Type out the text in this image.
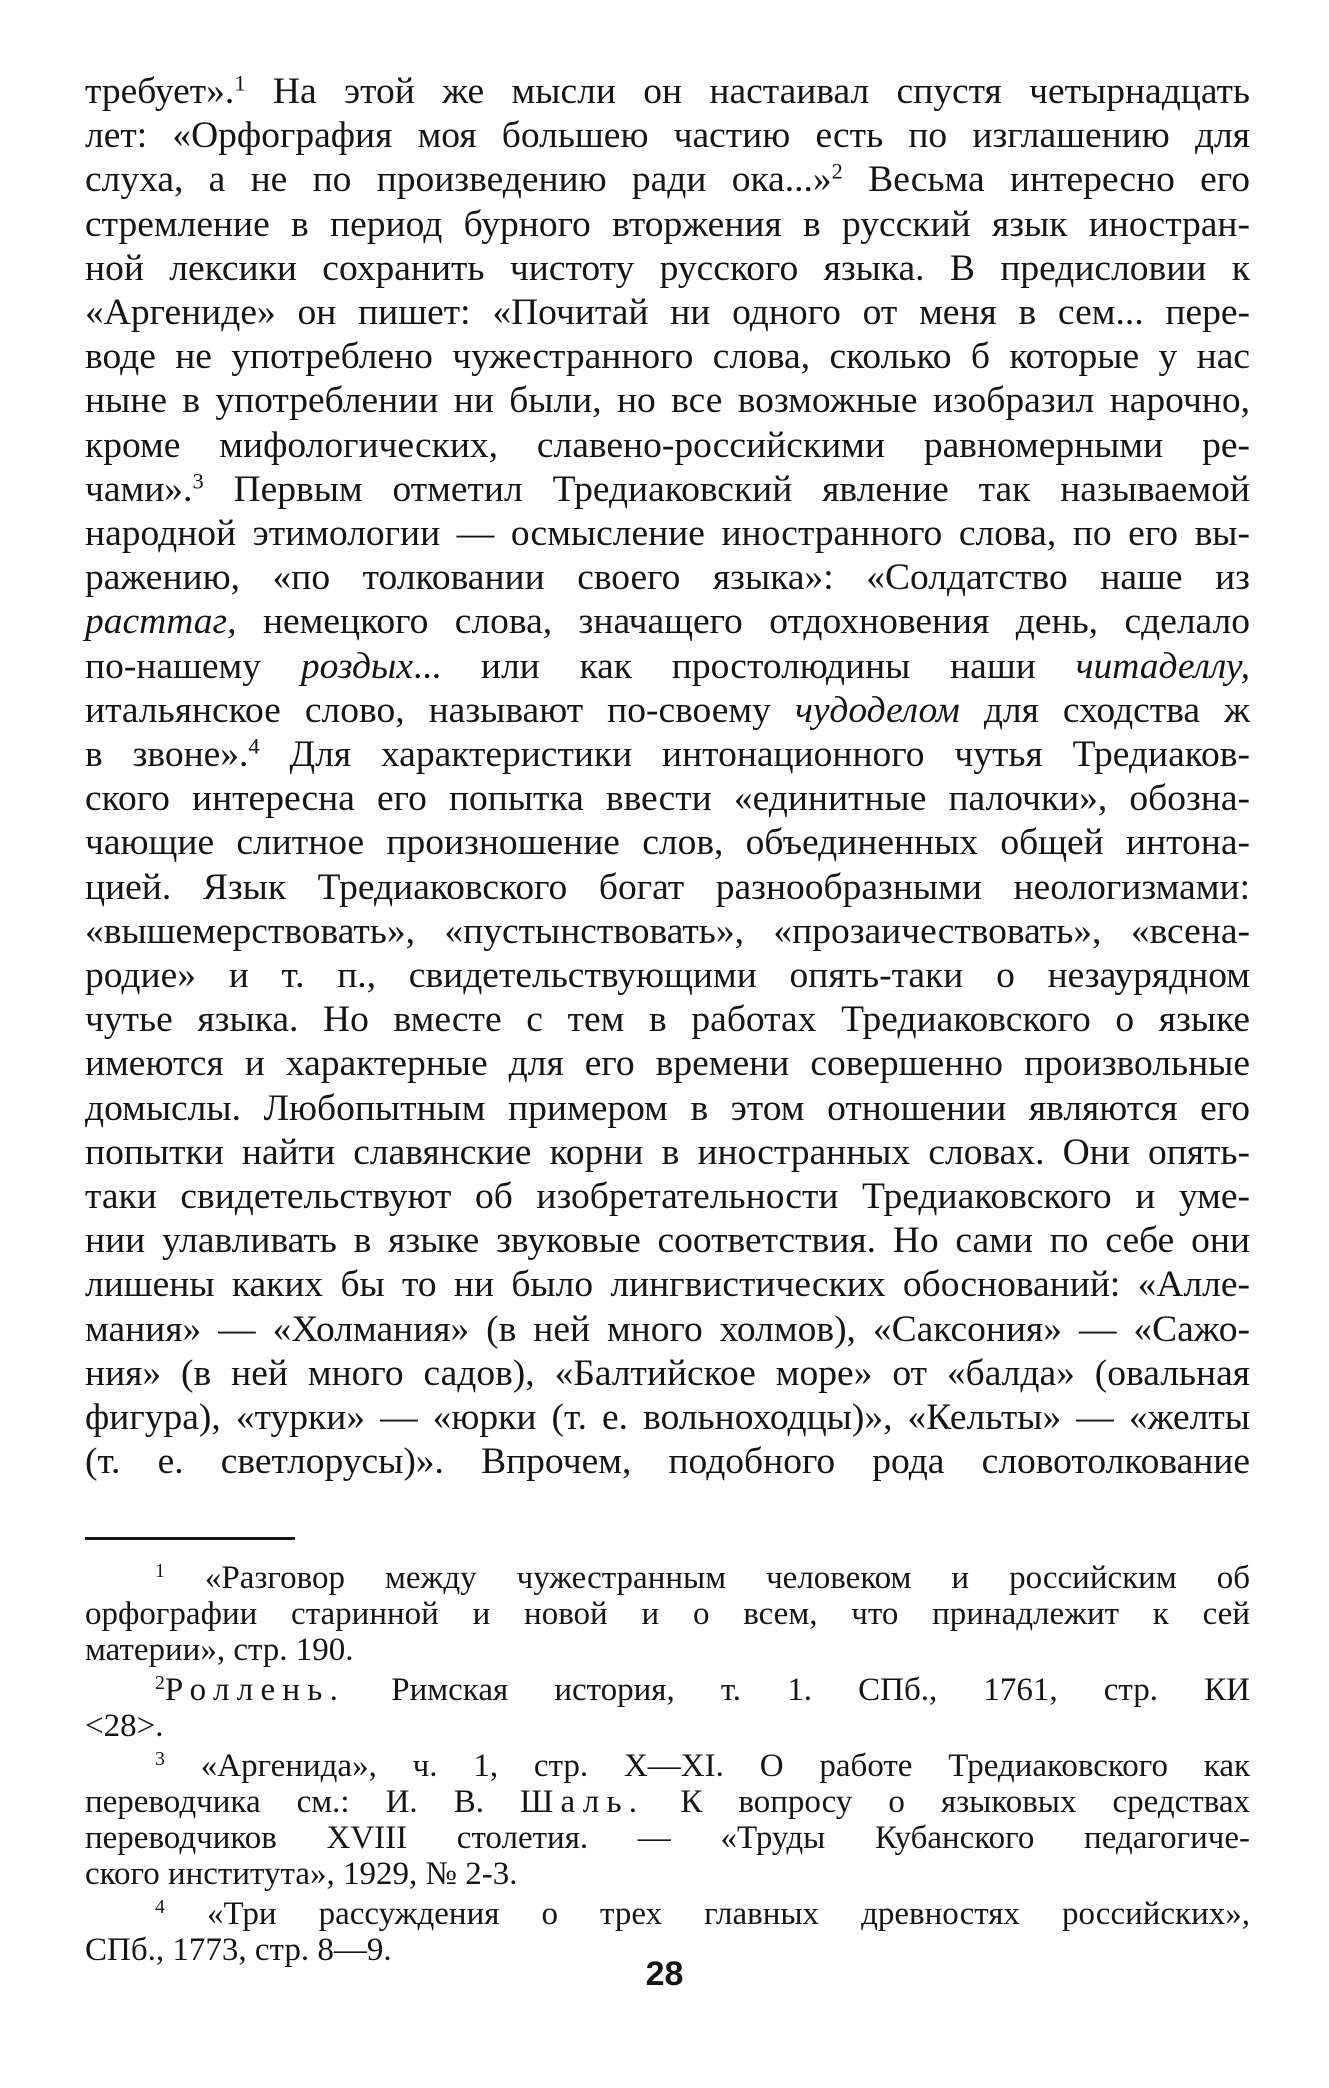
требует».$^1$ На этой же мысли он настаивал спустя четырнадцать
лет: «Орфография моя большею частию есть по изглашению для
слуха, а не по произведению ради ока...»$^2$ Весьма интересно его
стремление в период бурного вторжения в русский язык иностран-
ной лексики сохранить чистоту русского языка. В предисловии к
«Аргениде» он пишет: «Почитай ни одного от меня в сем... пере-
воде не употреблено чужестранного слова, сколько б которые у нас
ныне в употреблении ни были, но все возможные изобразил нарочно,
кроме мифологических, славено-российскими равномерными ре-
чами».$^3$ Первым отметил Тредиаковский явление так называемой
народной этимологии — осмысление иностранного слова, по его вы-
ражению, «по толковании своего языка»: «Солдатство наше из
расттаг, немецкого слова, значащего отдохновения день, сделало
по-нашему роздых... или как простолюдины наши читаделлу,
итальянское слово, называют по-своему чудоделом для сходства ж
в звоне».$^4$ Для характеристики интонационного чутья Тредиаков-
ского интересна его попытка ввести «единитные палочки», обозна-
чающие слитное произношение слов, объединенных общей интона-
цией. Язык Тредиаковского богат разнообразными неологизмами:
«вышемерствовать», «пустынствовать», «прозаичествовать», «всена-
родие» и т. п., свидетельствующими опять-таки о незаурядном
чутье языка. Но вместе с тем в работах Тредиаковского о языке
имеются и характерные для его времени совершенно произвольные
домыслы. Любопытным примером в этом отношении являются его
попытки найти славянские корни в иностранных словах. Они опять-
таки свидетельствуют об изобретательности Тредиаковского и уме-
нии улавливать в языке звуковые соответствия. Но сами по себе они
лишены каких бы то ни было лингвистических обоснований: «Алле-
мания» — «Холмания» (в ней много холмов), «Саксония» — «Сажо-
ния» (в ней много садов), «Балтийское море» от «балда» (овальная
фигура), «турки» — «юрки (т. е. вольноходцы)», «Кельты» — «желты
(т. е. светлорусы)». Впрочем, подобного рода словотолкование
$^1$ «Разговор между чужестранным человеком и российским об
орфографии старинной и новой и о всем, что принадлежит к сей
материи», стр. 190.
$^2$Роллень. Римская история, т. 1. СПб., 1761, стр. КИ
<28>.
$^3$ «Аргенида», ч. 1, стр. X—XI. О работе Тредиаковского как
переводчика см.: И. В. Шаль. К вопросу о языковых средствах
переводчиков XVIII столетия. — «Труды Кубанского педагогиче-
ского института», 1929, № 2-3.
$^4$ «Три рассуждения о трех главных древностях российских»,
СПб., 1773, стр. 8—9.
28
